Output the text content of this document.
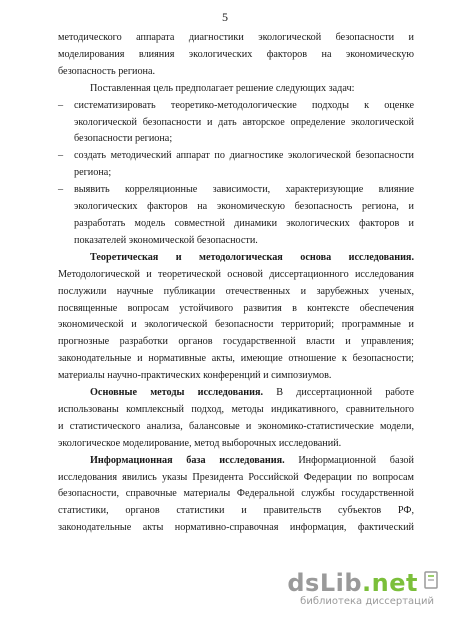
5
методического аппарата диагностики экологической безопасности и
моделирования влияния экологических факторов на экономическую
безопасность региона.
Поставленная цель предполагает решение следующих задач:
– систематизировать теоретико-методологические подходы к оценке
экологической безопасности и дать авторское определение экологической
безопасности региона;
– создать методический аппарат по диагностике экологической безопасности
региона;
– выявить корреляционные зависимости, характеризующие влияние
экологических факторов на экономическую безопасность региона, и
разработать модель совместной динамики экологических факторов и
показателей экономической безопасности.
Теоретическая и методологическая основа исследования.
Методологической и теоретической основой диссертационного исследования
послужили научные публикации отечественных и зарубежных ученых,
посвященные вопросам устойчивого развития в контексте обеспечения
экономической и экологической безопасности территорий; программные и
прогнозные разработки органов государственной власти и управления;
законодательные и нормативные акты, имеющие отношение к безопасности;
материалы научно-практических конференций и симпозиумов.
Основные методы исследования. В диссертационной работе
использованы комплексный подход, методы индикативного, сравнительного
и статистического анализа, балансовые и экономико-статистические модели,
экологическое моделирование, метод выборочных исследований.
Информационная база исследования. Информационной базой
исследования явились указы Президента Российской Федерации по вопросам
безопасности, справочные материалы Федеральной службы государственной
статистики, органов статистики и правительств субъектов РФ,
законодательные акты нормативно-справочная информация, фактический
dsLib.net
библиотека диссертаций
